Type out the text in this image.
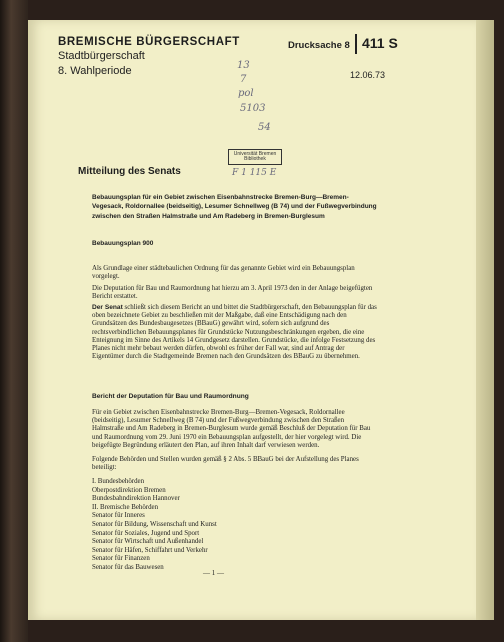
BREMISCHE BÜRGERSCHAFT
Stadtbürgerschaft
8. Wahlperiode
Drucksache 8 411 S
12.06.73
13
7
pol
5103
54
F 1 115 E
Universität Bremen
Bibliothek
Mitteilung des Senats
Bebauungsplan für ein Gebiet zwischen Eisenbahnstrecke Bremen-Burg—Bremen-Vegesack, Roldornallee (beidseitig), Lesumer Schnellweg (B 74) und der Fußwegverbindung zwischen den Straßen Halmstraße und Am Radeberg in Bremen-Burglesum
Bebauungsplan 900

Als Grundlage einer städtebaulichen Ordnung für das genannte Gebiet wird ein Bebauungsplan vorgelegt.

Die Deputation für Bau und Raumordnung hat hierzu am 3. April 1973 den in der Anlage beigefügten Bericht erstattet.

Der Senat schließt sich diesem Bericht an und bittet die Stadtbürgerschaft, den Bebauungsplan für das oben bezeichnete Gebiet zu beschließen mit der Maßgabe, daß eine Entschädigung nach den Grundsätzen des Bundesbaugesetzes (BBauG) gewährt wird, sofern sich aufgrund des rechtsverbindlichen Bebauungsplanes für Grundstücke Nutzungsbeschränkungen ergeben, die eine Enteignung im Sinne des Artikels 14 Grundgesetz darstellen. Grundstücke, die infolge Festsetzung des Planes nicht mehr bebaut werden dürfen, obwohl es früher der Fall war, sind auf Antrag der Eigentümer durch die Stadtgemeinde Bremen nach den Grundsätzen des BBauG zu übernehmen.

Bericht der Deputation für Bau und Raumordnung

Für ein Gebiet zwischen Eisenbahnstrecke Bremen-Burg—Bremen-Vegesack, Roldornallee (beidseitig), Lesumer Schnellweg (B 74) und der Fußwegverbindung zwischen den Straßen Halmstraße und Am Radeberg in Bremen-Burglesum wurde gemäß Beschluß der Deputation für Bau und Raumordnung vom 29. Juni 1970 ein Bebauungsplan aufgestellt, der hier vorgelegt wird. Die beigefügte Begründung erläutert den Plan, auf ihren Inhalt darf verwiesen werden.

Folgende Behörden und Stellen wurden gemäß § 2 Abs. 5 BBauG bei der Aufstellung des Planes beteiligt:

I. Bundesbehörden
Oberpostdirektion Bremen
Bundesbahndirektion Hannover
II. Bremische Behörden
Senator für Inneres
Senator für Bildung, Wissenschaft und Kunst
Senator für Soziales, Jugend und Sport
Senator für Wirtschaft und Außenhandel
Senator für Häfen, Schiffahrt und Verkehr
Senator für Finanzen
Senator für das Bauwesen
— 1 —
